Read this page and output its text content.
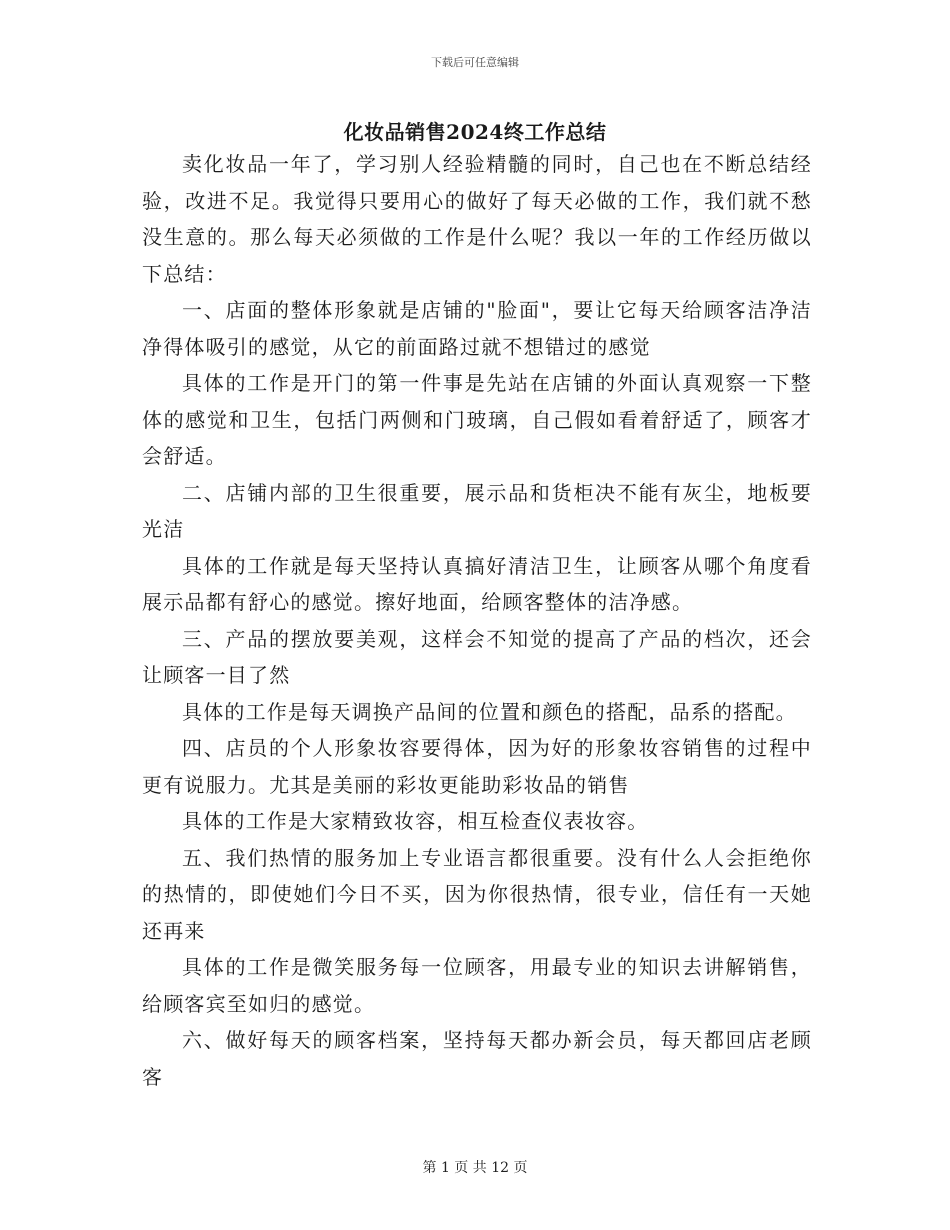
下载后可任意编辑
化妆品销售2024终工作总结

卖化妆品一年了，学习别人经验精髓的同时，自己也在不断总结经验，改进不足。我觉得只要用心的做好了每天必做的工作，我们就不愁没生意的。那么每天必须做的工作是什么呢？我以一年的工作经历做以下总结：

一、店面的整体形象就是店铺的"脸面"，要让它每天给顾客洁净洁净得体吸引的感觉，从它的前面路过就不想错过的感觉

具体的工作是开门的第一件事是先站在店铺的外面认真观察一下整体的感觉和卫生，包括门两侧和门玻璃，自己假如看着舒适了，顾客才会舒适。

二、店铺内部的卫生很重要，展示品和货柜决不能有灰尘，地板要光洁

具体的工作就是每天坚持认真搞好清洁卫生，让顾客从哪个角度看展示品都有舒心的感觉。擦好地面，给顾客整体的洁净感。

三、产品的摆放要美观，这样会不知觉的提高了产品的档次，还会让顾客一目了然

具体的工作是每天调换产品间的位置和颜色的搭配，品系的搭配。

四、店员的个人形象妆容要得体，因为好的形象妆容销售的过程中更有说服力。尤其是美丽的彩妆更能助彩妆品的销售

具体的工作是大家精致妆容，相互检查仪表妆容。

五、我们热情的服务加上专业语言都很重要。没有什么人会拒绝你的热情的，即使她们今日不买，因为你很热情，很专业，信任有一天她还再来

具体的工作是微笑服务每一位顾客，用最专业的知识去讲解销售，给顾客宾至如归的感觉。

六、做好每天的顾客档案，坚持每天都办新会员，每天都回店老顾客

第 1 页 共 12 页
